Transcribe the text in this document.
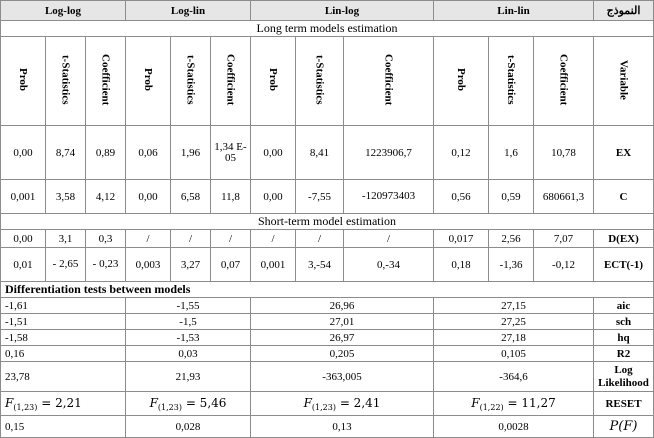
Log-log			Log-lin			Lin-log			Lin-lin			النموذج
Long term models estimation												
Prob	t-Statistics	Coefficient	Prob	t-Statistics	Coefficient	Prob	t-Statistics	Coefficient	Prob	t-Statistics	Coefficient	Variable
0,00	8,74	0,89	0,06	1,96	1,34 E-05	0,00	8,41	1223906,7	0,12	1,6	10,78	EX
0,001	3,58	4,12	0,00	6,58	11,8	0,00	-7,55	-120973403	0,56	0,59	680661,3	C
Short-term model estimation												
0,00	3,1	0,3	/	/	/	/	/	/	0,017	2,56	7,07	D(EX)
0,01	- 2,65	- 0,23	0,003	3,27	0,07	0,001	3,-54	0,-34	0,18	-1,36	-0,12	ECT(-1)
Differentiation tests between models												
-1,61			-1,55			26,96			27,15			aic
-1,51			-1,5			27,01			27,25			sch
-1,58			-1,53			26,97			27,18			hq
0,16			0,03			0,205			0,105			R2
23,78			21,93			-363,005			-364,6			Log Likelihood
$F_{(1,23)} = 2,21$			$F_{(1,23)} = 5,46$			$F_{(1,23)} = 2,41$			$F_{(1,22)} = 11,27$			RESET
0,15			0,028			0,13			0,0028			P(F)
